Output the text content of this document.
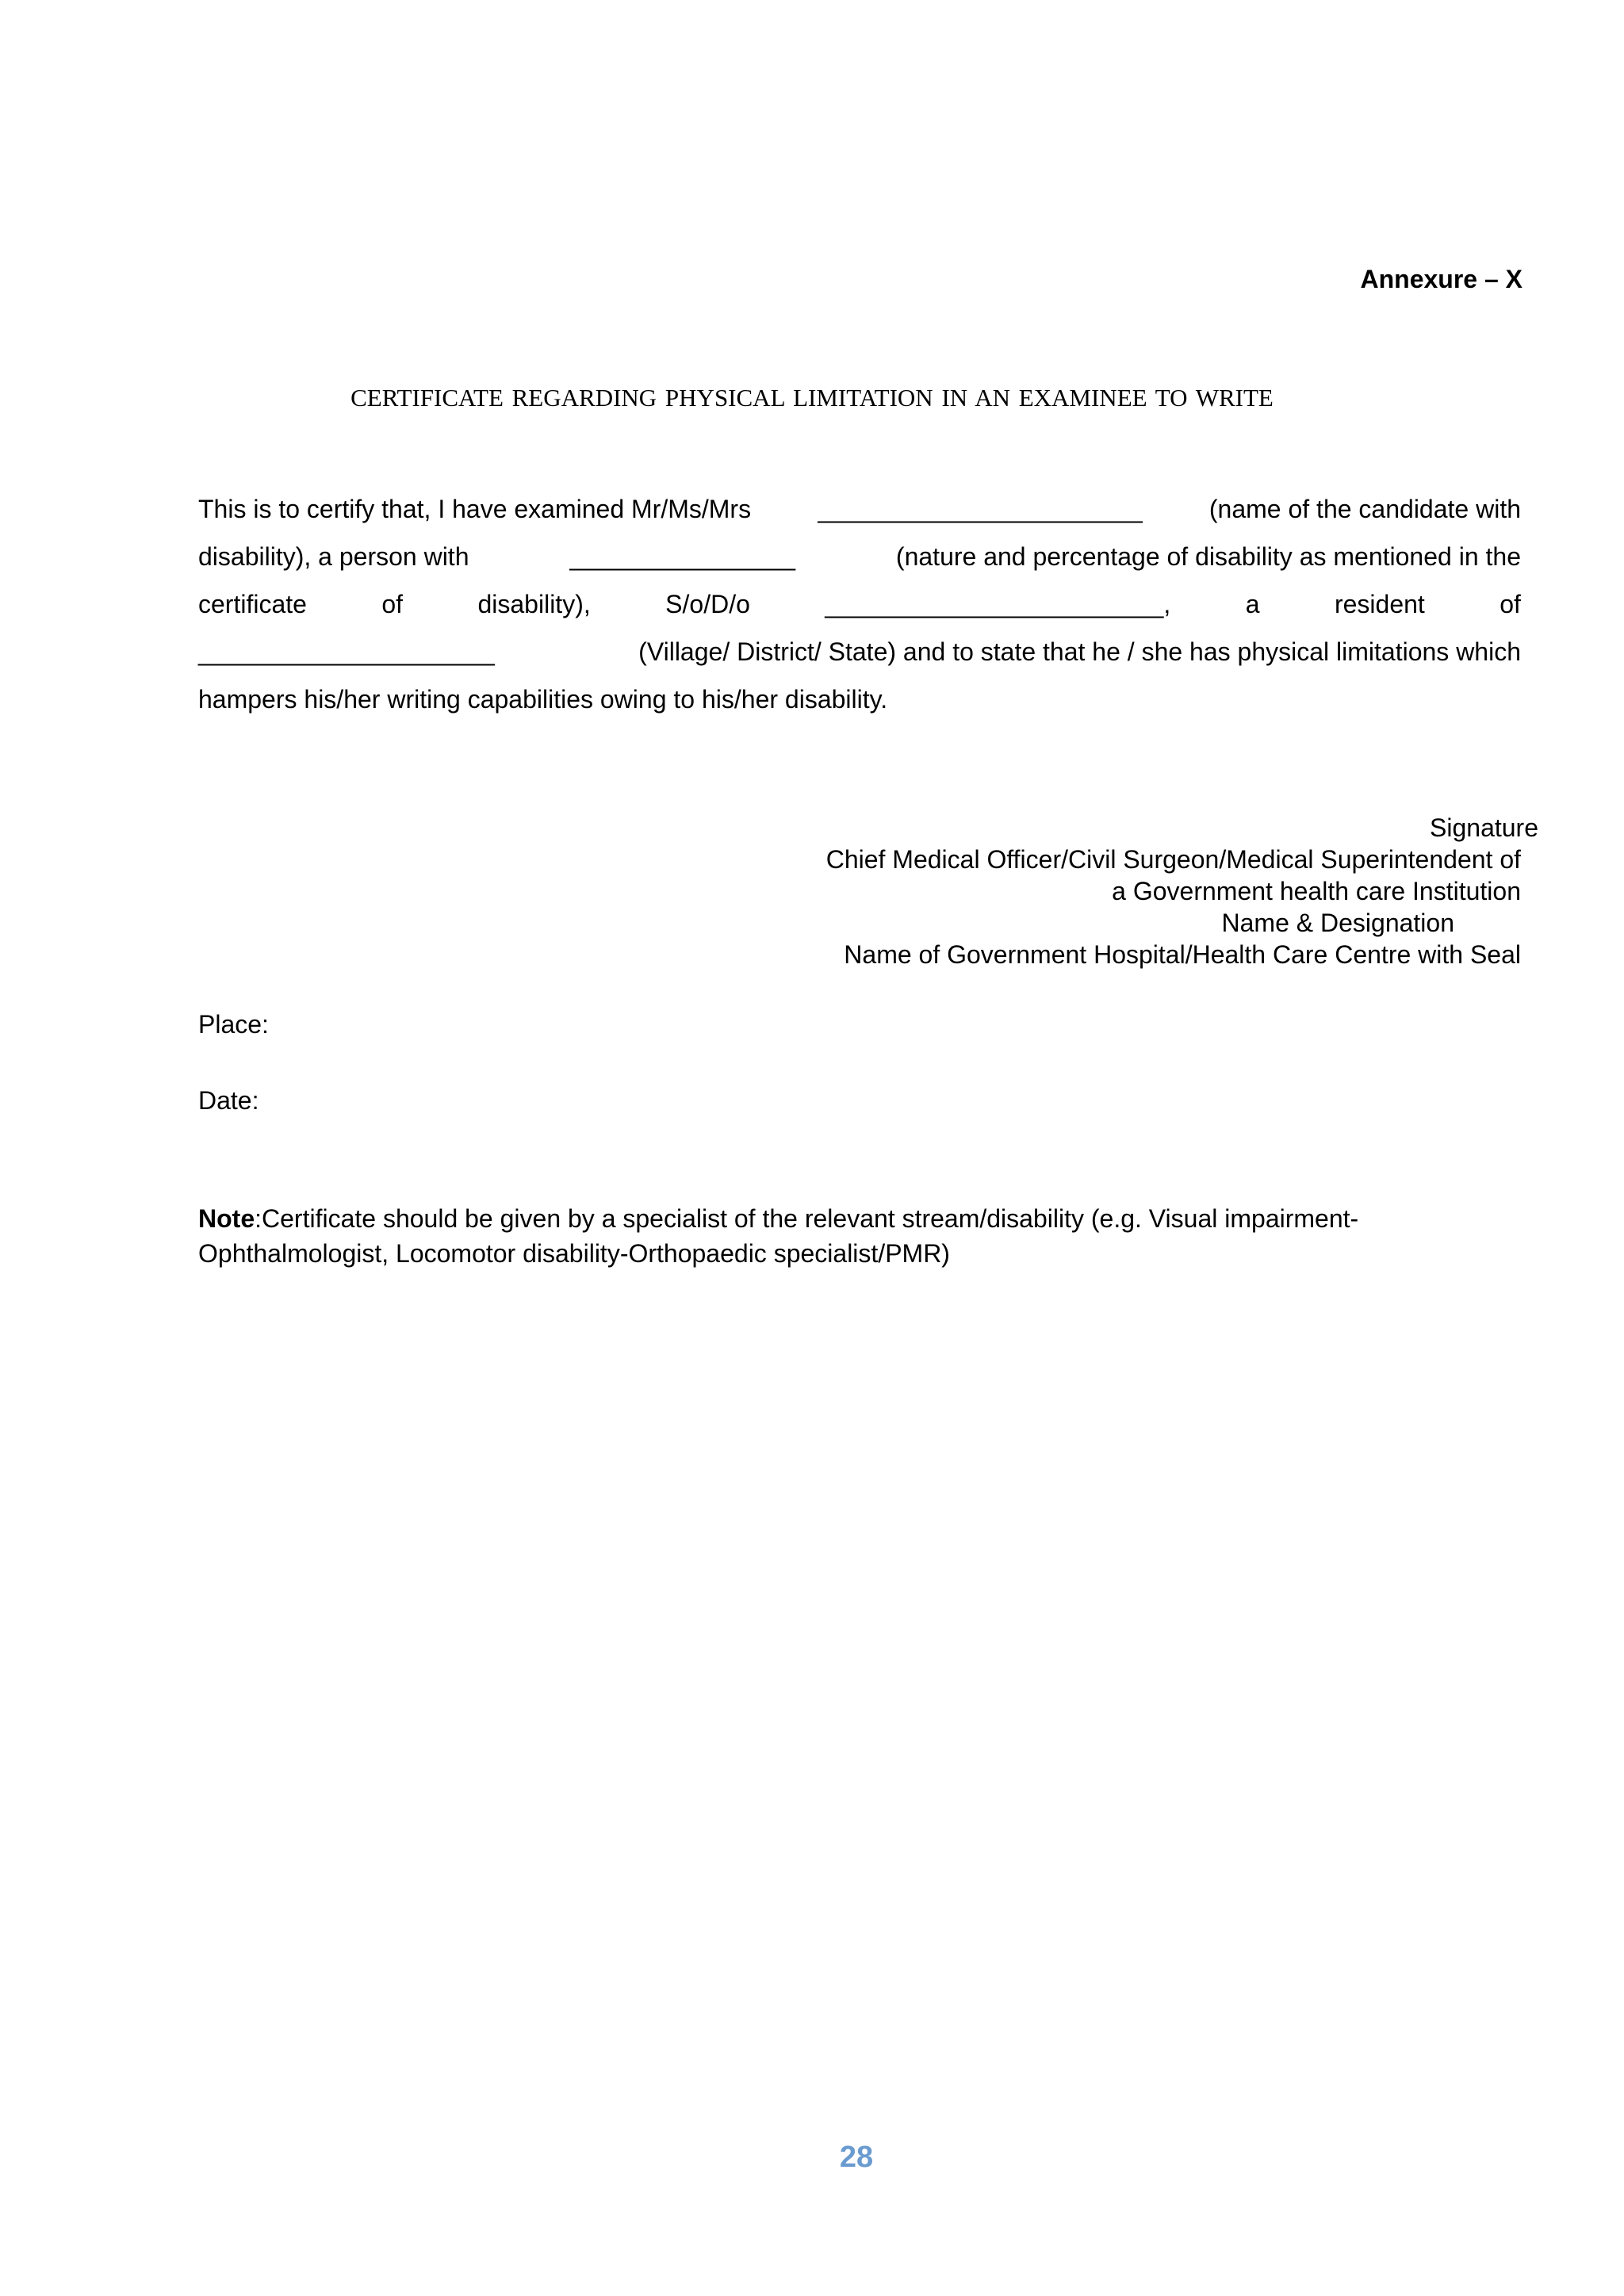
Annexure – X
CERTIFICATE REGARDING PHYSICAL LIMITATION IN AN EXAMINEE TO WRITE
This is to certify that, I have examined Mr/Ms/Mrs	_______________________	(name of the candidate with
disability), a person with	________________	(nature and percentage of disability as mentioned in the
certificate	of	disability),	S/o/D/o	________________________,	a	resident	of
_____________________	(Village/ District/ State) and to state that he / she has physical limitations which
hampers his/her writing capabilities owing to his/her disability.
Signature
Chief Medical Officer/Civil Surgeon/Medical Superintendent of
a Government health care Institution
Name & Designation
Name of Government Hospital/Health Care Centre with Seal
Place:
Date:
Note:Certificate should be given by a specialist of the relevant stream/disability (e.g. Visual impairment-
Ophthalmologist, Locomotor disability-Orthopaedic specialist/PMR)
28
